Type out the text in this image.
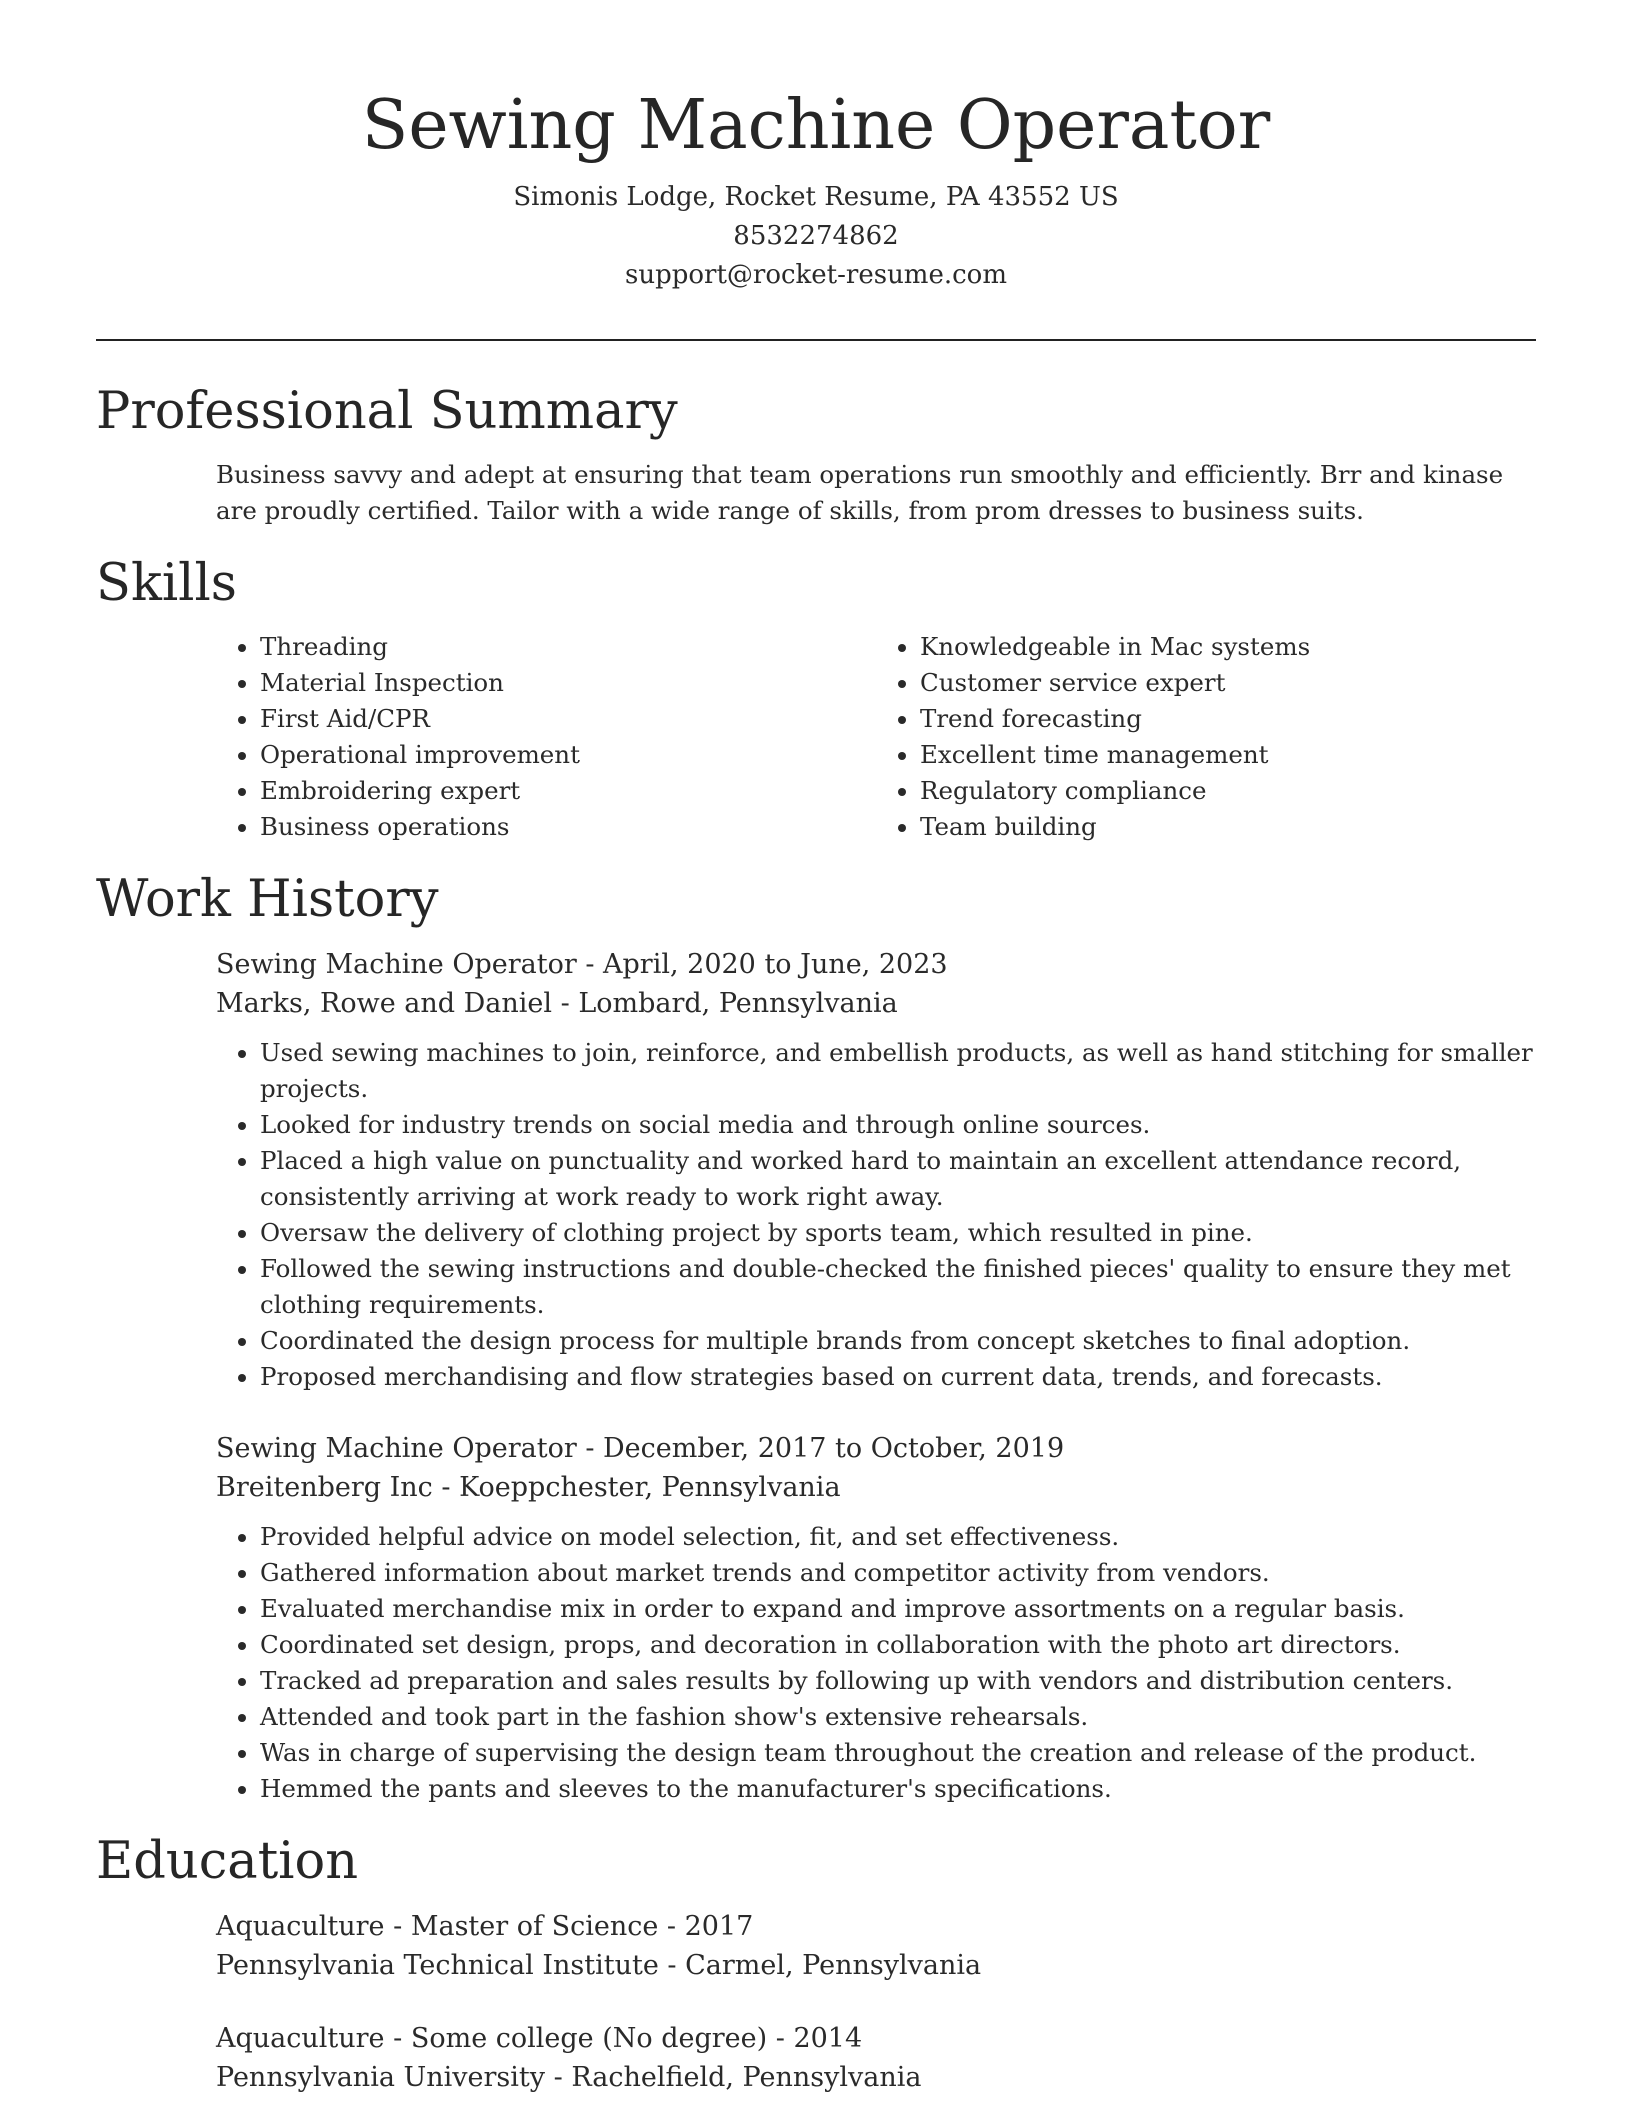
Sewing Machine Operator
Simonis Lodge, Rocket Resume, PA 43552 US
8532274862
support@rocket-resume.com
Professional Summary

Business savvy and adept at ensuring that team operations run smoothly and efficiently. Brr and kinase are proudly certified. Tailor with a wide range of skills, from prom dresses to business suits.

Skills
• Threading
• Material Inspection
• First Aid/CPR
• Operational improvement
• Embroidering expert
• Business operations
• Knowledgeable in Mac systems
• Customer service expert
• Trend forecasting
• Excellent time management
• Regulatory compliance
• Team building
Work History
Sewing Machine Operator - April, 2020 to June, 2023
Marks, Rowe and Daniel - Lombard, Pennsylvania
• Used sewing machines to join, reinforce, and embellish products, as well as hand stitching for smaller projects.
• Looked for industry trends on social media and through online sources.
• Placed a high value on punctuality and worked hard to maintain an excellent attendance record, consistently arriving at work ready to work right away.
• Oversaw the delivery of clothing project by sports team, which resulted in pine.
• Followed the sewing instructions and double-checked the finished pieces' quality to ensure they met clothing requirements.
• Coordinated the design process for multiple brands from concept sketches to final adoption.
• Proposed merchandising and flow strategies based on current data, trends, and forecasts.
Sewing Machine Operator - December, 2017 to October, 2019
Breitenberg Inc - Koeppchester, Pennsylvania
• Provided helpful advice on model selection, fit, and set effectiveness.
• Gathered information about market trends and competitor activity from vendors.
• Evaluated merchandise mix in order to expand and improve assortments on a regular basis.
• Coordinated set design, props, and decoration in collaboration with the photo art directors.
• Tracked ad preparation and sales results by following up with vendors and distribution centers.
• Attended and took part in the fashion show's extensive rehearsals.
• Was in charge of supervising the design team throughout the creation and release of the product.
• Hemmed the pants and sleeves to the manufacturer's specifications.
Education
Aquaculture - Master of Science - 2017
Pennsylvania Technical Institute - Carmel, Pennsylvania
Aquaculture - Some college (No degree) - 2014
Pennsylvania University - Rachelfield, Pennsylvania
